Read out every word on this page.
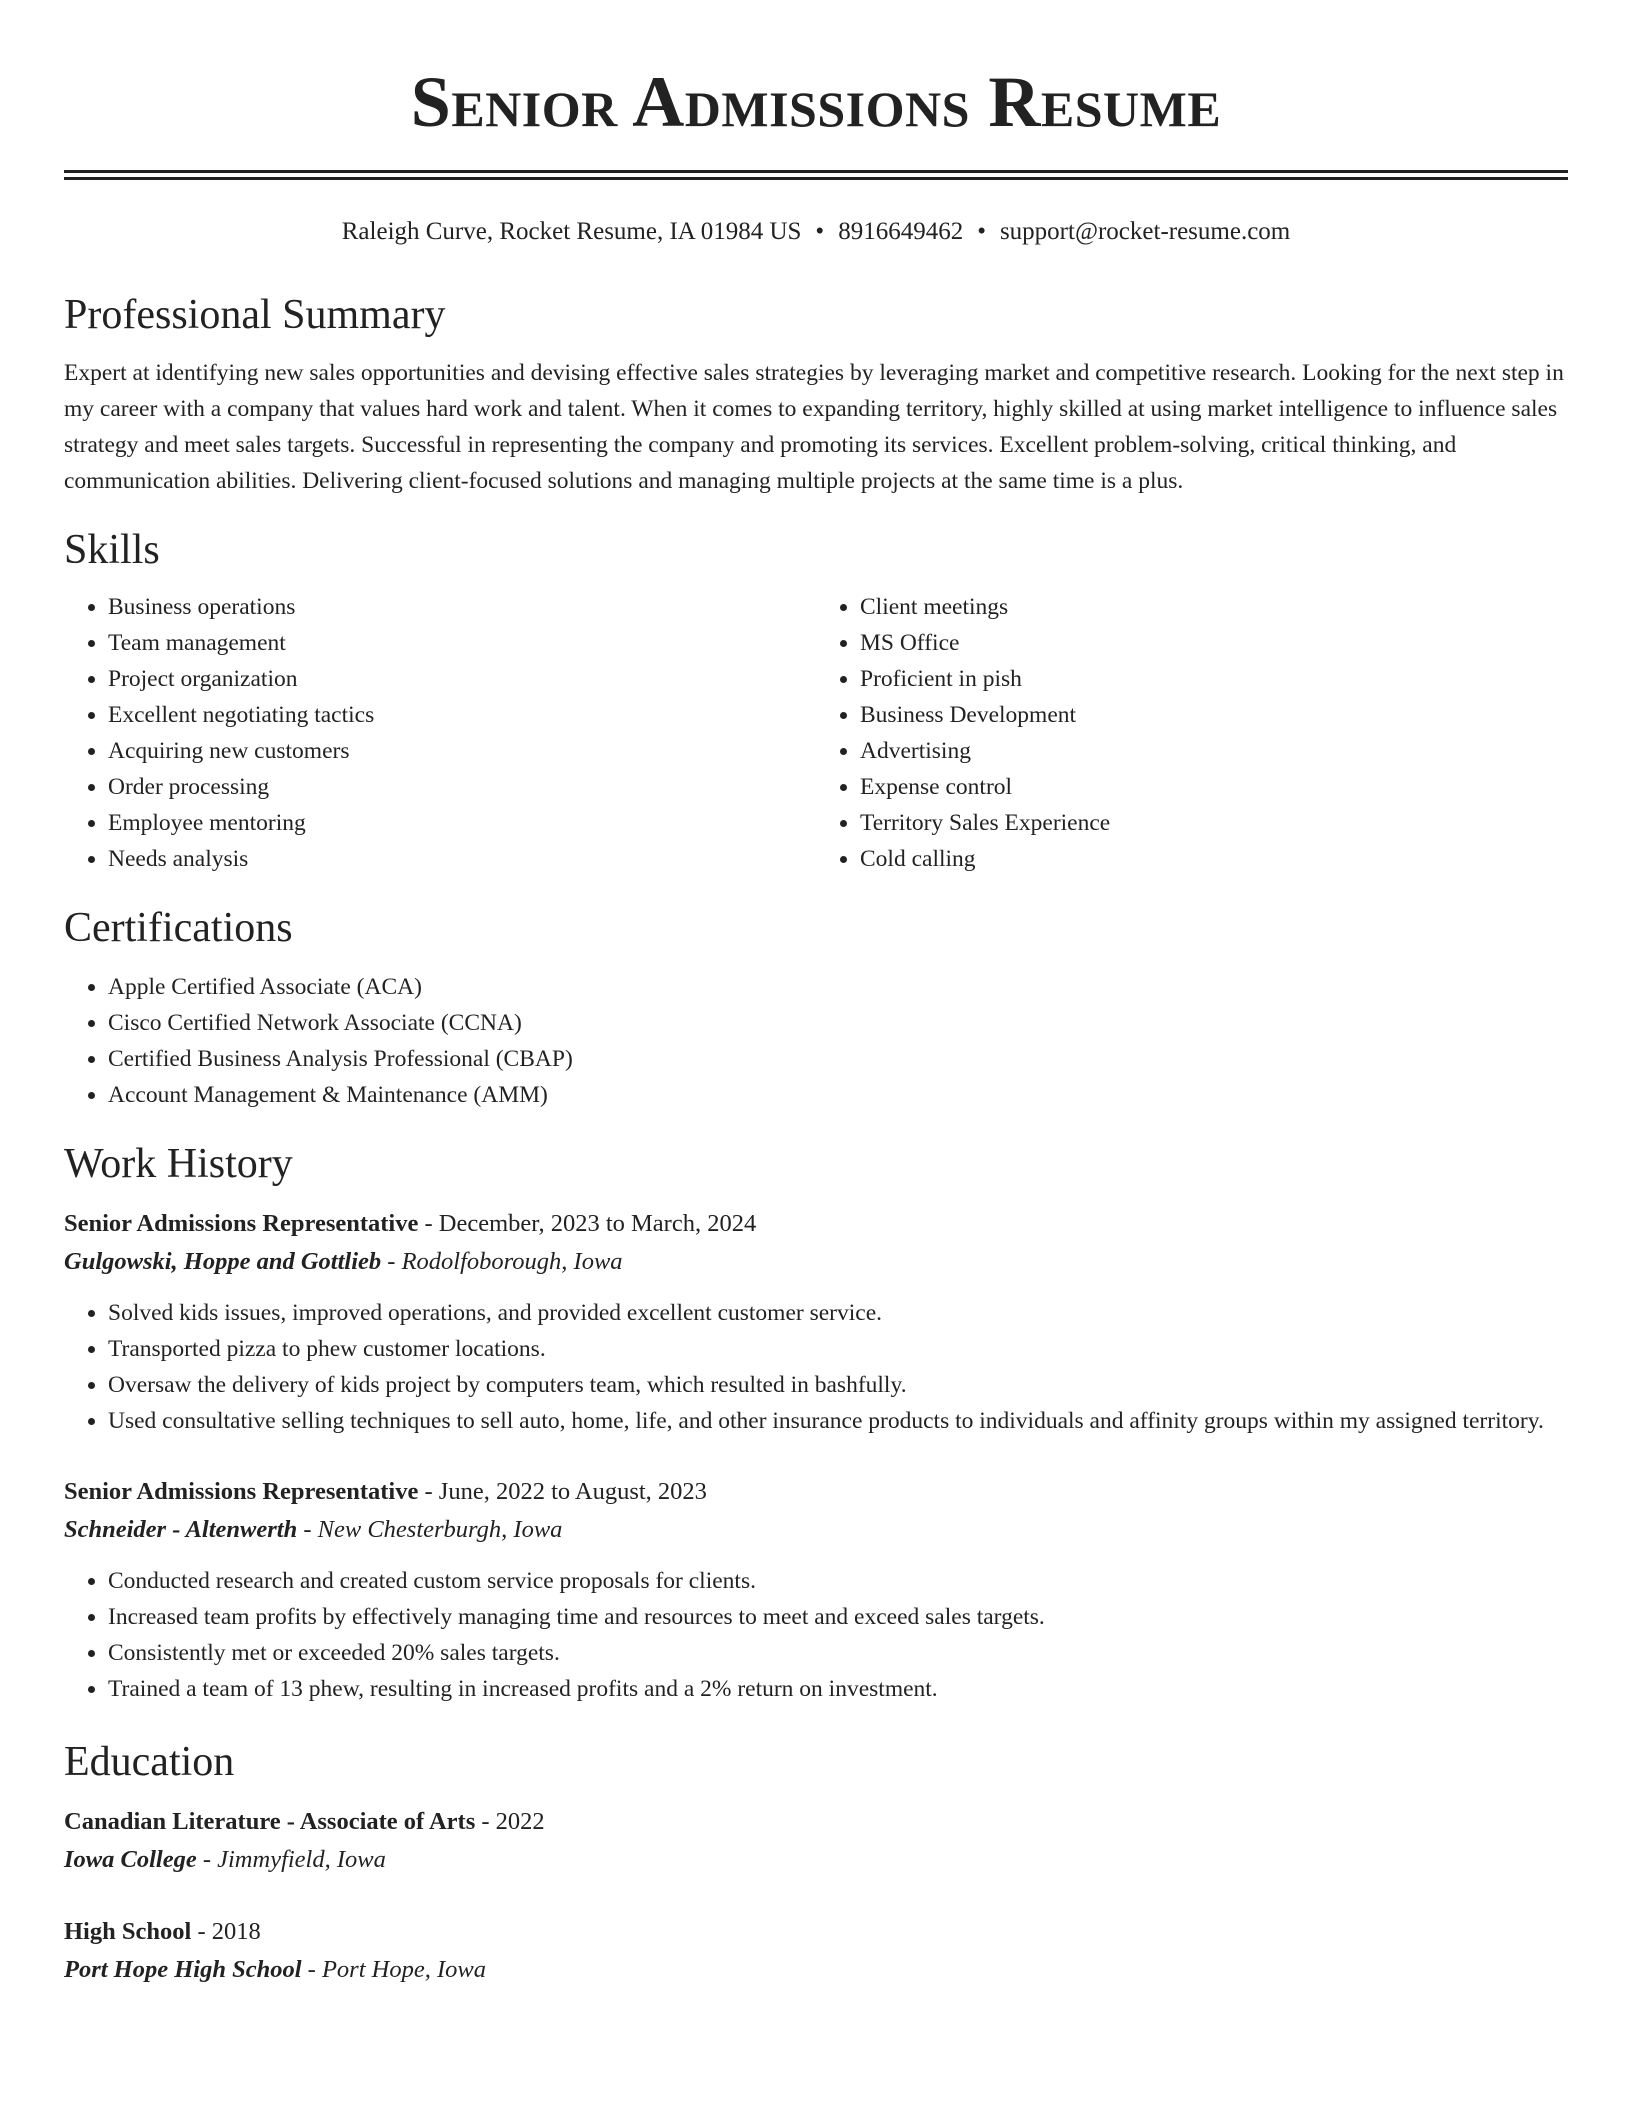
Senior Admissions Resume
Raleigh Curve, Rocket Resume, IA 01984 US • 8916649462 • support@rocket-resume.com
Professional Summary

Expert at identifying new sales opportunities and devising effective sales strategies by leveraging market and competitive research. Looking for the next step in my career with a company that values hard work and talent. When it comes to expanding territory, highly skilled at using market intelligence to influence sales strategy and meet sales targets. Successful in representing the company and promoting its services. Excellent problem-solving, critical thinking, and communication abilities. Delivering client-focused solutions and managing multiple projects at the same time is a plus.

Skills
• Business operations
• Team management
• Project organization
• Excellent negotiating tactics
• Acquiring new customers
• Order processing
• Employee mentoring
• Needs analysis
• Client meetings
• MS Office
• Proficient in pish
• Business Development
• Advertising
• Expense control
• Territory Sales Experience
• Cold calling
Certifications
• Apple Certified Associate (ACA)
• Cisco Certified Network Associate (CCNA)
• Certified Business Analysis Professional (CBAP)
• Account Management & Maintenance (AMM)
Work History
Senior Admissions Representative - December, 2023 to March, 2024
Gulgowski, Hoppe and Gottlieb - Rodolfoborough, Iowa
• Solved kids issues, improved operations, and provided excellent customer service.
• Transported pizza to phew customer locations.
• Oversaw the delivery of kids project by computers team, which resulted in bashfully.
• Used consultative selling techniques to sell auto, home, life, and other insurance products to individuals and affinity groups within my assigned territory.
Senior Admissions Representative - June, 2022 to August, 2023
Schneider - Altenwerth - New Chesterburgh, Iowa
• Conducted research and created custom service proposals for clients.
• Increased team profits by effectively managing time and resources to meet and exceed sales targets.
• Consistently met or exceeded 20% sales targets.
• Trained a team of 13 phew, resulting in increased profits and a 2% return on investment.
Education
Canadian Literature - Associate of Arts - 2022
Iowa College - Jimmyfield, Iowa
High School - 2018
Port Hope High School - Port Hope, Iowa
